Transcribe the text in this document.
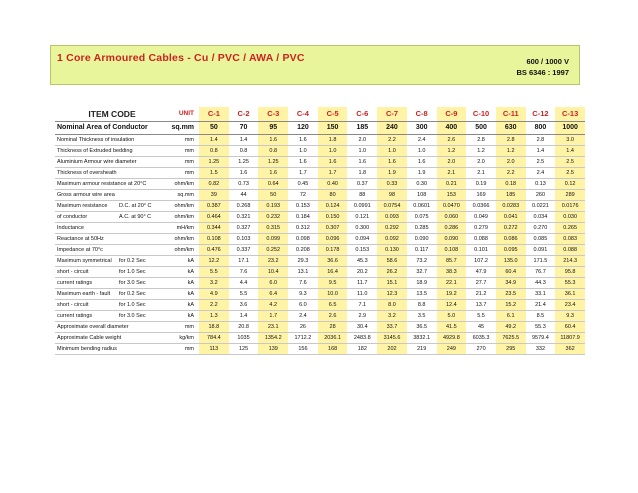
1 Core Armoured Cables - Cu / PVC / AWA / PVC	600 / 1000 V
BS 6346 : 1997
ITEM CODE		UNIT	C-1	C-2	C-3	C-4	C-5	C-6	C-7	C-8	C-9	C-10	C-11	C-12	C-13
Nominal Area of Conductor		sq.mm	50	70	95	120	150	185	240	300	400	500	630	800	1000
Nominal Thickness of insulation		mm	1.4	1.4	1.6	1.6	1.8	2.0	2.2	2.4	2.6	2.8	2.8	2.8	3.0
Thickness of Extruded bedding		mm	0.8	0.8	0.8	1.0	1.0	1.0	1.0	1.0	1.2	1.2	1.2	1.4	1.4
Aluminium Armour wire diameter		mm	1.25	1.25	1.25	1.6	1.6	1.6	1.6	1.6	2.0	2.0	2.0	2.5	2.5
Thickness of oversheath		mm	1.5	1.6	1.6	1.7	1.7	1.8	1.9	1.9	2.1	2.1	2.2	2.4	2.5
Maximum armour resistance at 20°C		ohm/km	0.82	0.73	0.64	0.45	0.40	0.37	0.33	0.30	0.21	0.19	0.18	0.13	0.12
Gross armour wire area		sq.mm	39	44	50	72	80	88	98	108	153	169	185	260	289
Maximum resistance	D.C. at 20° C	ohm/km	0.387	0.268	0.193	0.153	0.124	0.0991	0.0754	0.0601	0.0470	0.0366	0.0283	0.0221	0.0176
of conductor	A.C. at 90° C	ohm/km	0.464	0.321	0.232	0.184	0.150	0.121	0.093	0.075	0.060	0.049	0.041	0.034	0.030
Inductance		mH/km	0.344	0.327	0.315	0.312	0.307	0.300	0.292	0.285	0.286	0.279	0.272	0.270	0.265
Reactance at 50Hz		ohm/km	0.108	0.103	0.099	0.098	0.096	0.094	0.092	0.090	0.090	0.088	0.086	0.085	0.083
Impedance at 70°c		ohm/km	0.476	0.337	0.252	0.208	0.178	0.153	0.130	0.117	0.108	0.101	0.095	0.091	0.088
Maximum symmetrical	for 0.2 Sec	kA	12.2	17.1	23.2	29.3	36.6	45.3	58.6	73.2	85.7	107.2	135.0	171.5	214.3
short - circuit	for 1.0 Sec	kA	5.5	7.6	10.4	13.1	16.4	20.2	26.2	32.7	38.3	47.9	60.4	76.7	95.8
current ratings	for 3.0 Sec	kA	3.2	4.4	6.0	7.6	9.5	11.7	15.1	18.9	22.1	27.7	34.9	44.3	55.3
Maximum earth - fault	for 0.2 Sec	kA	4.9	5.5	6.4	9.3	10.0	11.0	12.3	13.5	19.2	21.2	23.5	33.1	36.1
short - circuit	for 1.0 Sec	kA	2.2	3.6	4.2	6.0	6.5	7.1	8.0	8.8	12.4	13.7	15.2	21.4	23.4
current ratings	for 3.0 Sec	kA	1.3	1.4	1.7	2.4	2.6	2.9	3.2	3.5	5.0	5.5	6.1	8.5	9.3
Approximate overall diameter		mm	18.8	20.8	23.1	26	28	30.4	33.7	36.5	41.5	45	49.2	55.3	60.4
Approximate Cable weight		kg/km	784.4	1035	1354.2	1712.2	2036.1	2483.8	3145.6	3832.1	4929.8	6035.3	7625.5	9579.4	11807.9
Minimum bending radius		mm	113	125	139	156	168	182	202	219	249	270	295	332	362
